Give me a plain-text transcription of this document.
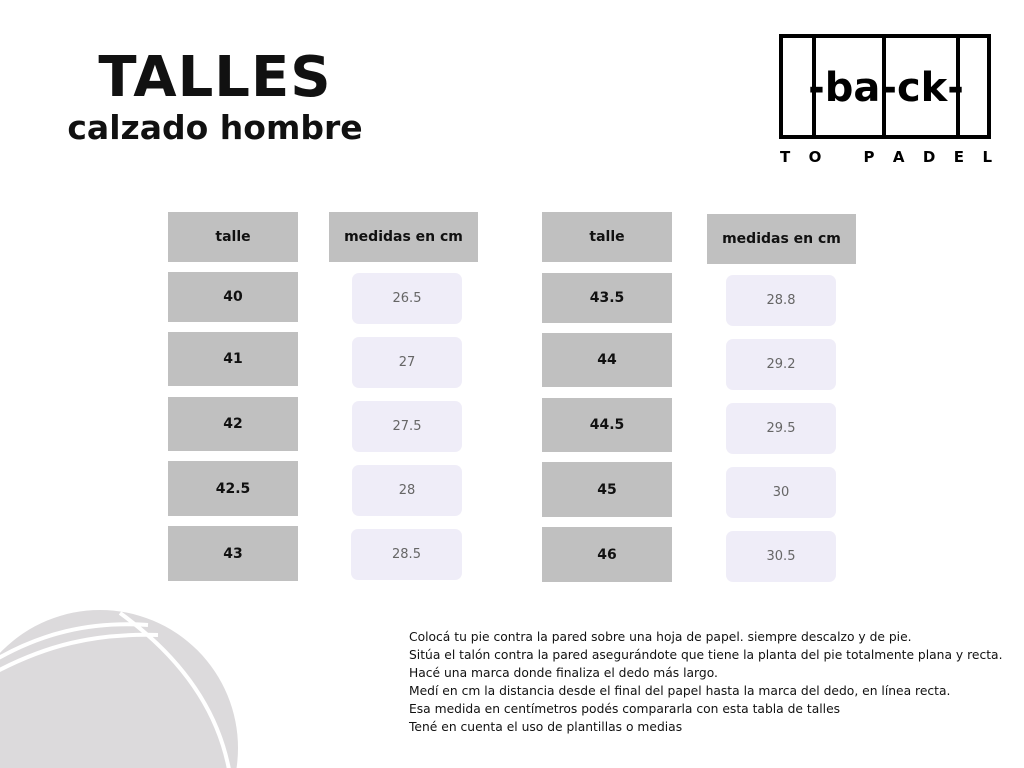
TALLES
calzado hombre
-ba-ck-
T O   P A D E L
talle	medidas en cm
40
41
42
42.5
43
26.5
27
27.5
28
28.5
talle	medidas en cm
43.5
44
44.5
45
46
28.8
29.2
29.5
30
30.5
Colocá tu pie contra la pared sobre una hoja de papel. siempre descalzo y de pie.
Sitúa el talón contra la pared asegurándote que tiene la planta del pie totalmente plana y recta.
Hacé una marca donde finaliza el dedo más largo.
Medí en cm la distancia desde el final del papel hasta la marca del dedo, en línea recta.
Esa medida en centímetros podés compararla con esta tabla de talles
Tené en cuenta el uso de plantillas o medias
